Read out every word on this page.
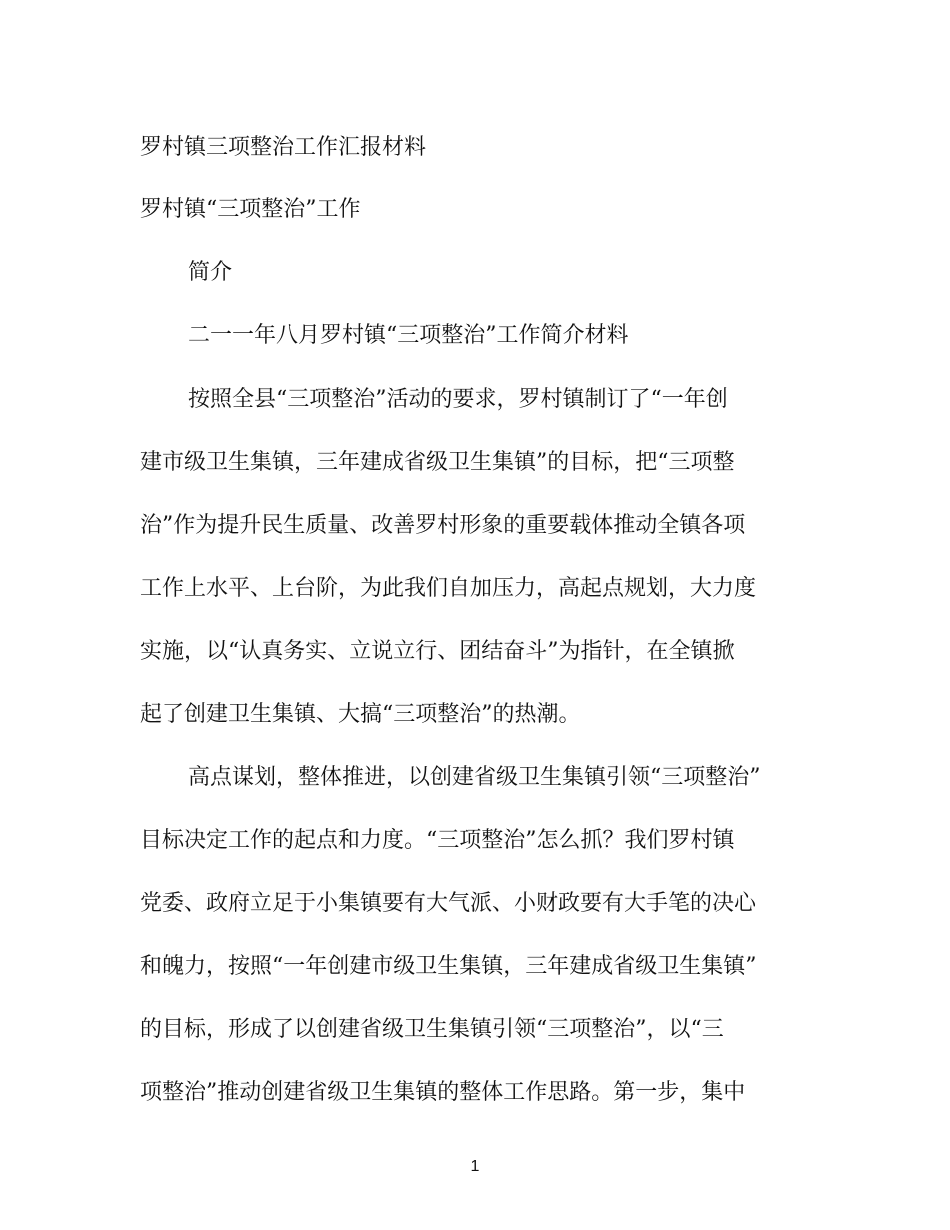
罗村镇三项整治工作汇报材料
罗村镇“三项整治”工作
简介
二一一年八月罗村镇“三项整治”工作简介材料
按照全县“三项整治”活动的要求，罗村镇制订了“一年创
建市级卫生集镇，三年建成省级卫生集镇”的目标，把“三项整
治”作为提升民生质量、改善罗村形象的重要载体推动全镇各项
工作上水平、上台阶，为此我们自加压力，高起点规划，大力度
实施，以“认真务实、立说立行、团结奋斗”为指针，在全镇掀
起了创建卫生集镇、大搞“三项整治”的热潮。
高点谋划，整体推进，以创建省级卫生集镇引领“三项整治”
目标决定工作的起点和力度。“三项整治”怎么抓？我们罗村镇
党委、政府立足于小集镇要有大气派、小财政要有大手笔的决心
和魄力，按照“一年创建市级卫生集镇，三年建成省级卫生集镇”
的目标，形成了以创建省级卫生集镇引领“三项整治”，以“三
项整治”推动创建省级卫生集镇的整体工作思路。第一步，集中
1
